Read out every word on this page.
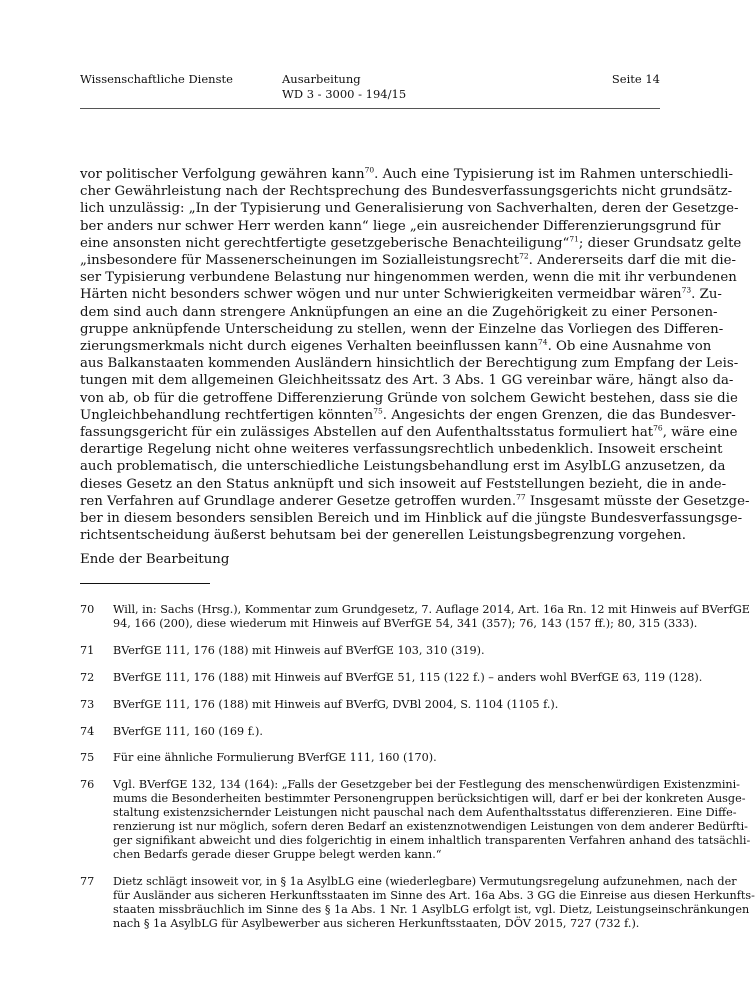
Wissenschaftliche Dienste	Ausarbeitung
WD 3 - 3000 - 194/15
Seite 14
vor politischer Verfolgung gewähren kann$^{70}$. Auch eine Typisierung ist im Rahmen unterschiedli-
cher Gewährleistung nach der Rechtsprechung des Bundesverfassungsgerichts nicht grundsätz-
lich unzulässig: „In der Typisierung und Generalisierung von Sachverhalten, deren der Gesetzge-
ber anders nur schwer Herr werden kann“ liege „ein ausreichender Differenzierungsgrund für
eine ansonsten nicht gerechtfertigte gesetzgeberische Benachteiligung“$^{71}$; dieser Grundsatz gelte
„insbesondere für Massenerscheinungen im Sozialleistungsrecht$^{72}$. Andererseits darf die mit die-
ser Typisierung verbundene Belastung nur hingenommen werden, wenn die mit ihr verbundenen
Härten nicht besonders schwer wögen und nur unter Schwierigkeiten vermeidbar wären$^{73}$. Zu-
dem sind auch dann strengere Anknüpfungen an eine an die Zugehörigkeit zu einer Personen-
gruppe anknüpfende Unterscheidung zu stellen, wenn der Einzelne das Vorliegen des Differen-
zierungsmerkmals nicht durch eigenes Verhalten beeinflussen kann$^{74}$. Ob eine Ausnahme von
aus Balkanstaaten kommenden Ausländern hinsichtlich der Berechtigung zum Empfang der Leis-
tungen mit dem allgemeinen Gleichheitssatz des Art. 3 Abs. 1 GG vereinbar wäre, hängt also da-
von ab, ob für die getroffene Differenzierung Gründe von solchem Gewicht bestehen, dass sie die
Ungleichbehandlung rechtfertigen könnten$^{75}$. Angesichts der engen Grenzen, die das Bundesver-
fassungsgericht für ein zulässiges Abstellen auf den Aufenthaltsstatus formuliert hat$^{76}$, wäre eine
derartige Regelung nicht ohne weiteres verfassungsrechtlich unbedenklich. Insoweit erscheint
auch problematisch, die unterschiedliche Leistungsbehandlung erst im AsylbLG anzusetzen, da
dieses Gesetz an den Status anknüpft und sich insoweit auf Feststellungen bezieht, die in ande-
ren Verfahren auf Grundlage anderer Gesetze getroffen wurden.$^{77}$ Insgesamt müsste der Gesetzge-
ber in diesem besonders sensiblen Bereich und im Hinblick auf die jüngste Bundesverfassungsge-
richtsentscheidung äußerst behutsam bei der generellen Leistungsbegrenzung vorgehen.
Ende der Bearbeitung
70 Will, in: Sachs (Hrsg.), Kommentar zum Grundgesetz, 7. Auflage 2014, Art. 16a Rn. 12 mit Hinweis auf BVerfGE
94, 166 (200), diese wiederum mit Hinweis auf BVerfGE 54, 341 (357); 76, 143 (157 ff.); 80, 315 (333).
71 BVerfGE 111, 176 (188) mit Hinweis auf BVerfGE 103, 310 (319).
72 BVerfGE 111, 176 (188) mit Hinweis auf BVerfGE 51, 115 (122 f.) – anders wohl BVerfGE 63, 119 (128).
73 BVerfGE 111, 176 (188) mit Hinweis auf BVerfG, DVBl 2004, S. 1104 (1105 f.).
74 BVerfGE 111, 160 (169 f.).
75 Für eine ähnliche Formulierung BVerfGE 111, 160 (170).
76 Vgl. BVerfGE 132, 134 (164): „Falls der Gesetzgeber bei der Festlegung des menschenwürdigen Existenzmini-
mums die Besonderheiten bestimmter Personengruppen berücksichtigen will, darf er bei der konkreten Ausge-
staltung existenzsichernder Leistungen nicht pauschal nach dem Aufenthaltsstatus differenzieren. Eine Diffe-
renzierung ist nur möglich, sofern deren Bedarf an existenznotwendigen Leistungen von dem anderer Bedürfti-
ger signifikant abweicht und dies folgerichtig in einem inhaltlich transparenten Verfahren anhand des tatsächli-
chen Bedarfs gerade dieser Gruppe belegt werden kann.“
77 Dietz schlägt insoweit vor, in § 1a AsylbLG eine (wiederlegbare) Vermutungsregelung aufzunehmen, nach der
für Ausländer aus sicheren Herkunftsstaaten im Sinne des Art. 16a Abs. 3 GG die Einreise aus diesen Herkunfts-
staaten missbräuchlich im Sinne des § 1a Abs. 1 Nr. 1 AsylbLG erfolgt ist, vgl. Dietz, Leistungseinschränkungen
nach § 1a AsylbLG für Asylbewerber aus sicheren Herkunftsstaaten, DÖV 2015, 727 (732 f.).
